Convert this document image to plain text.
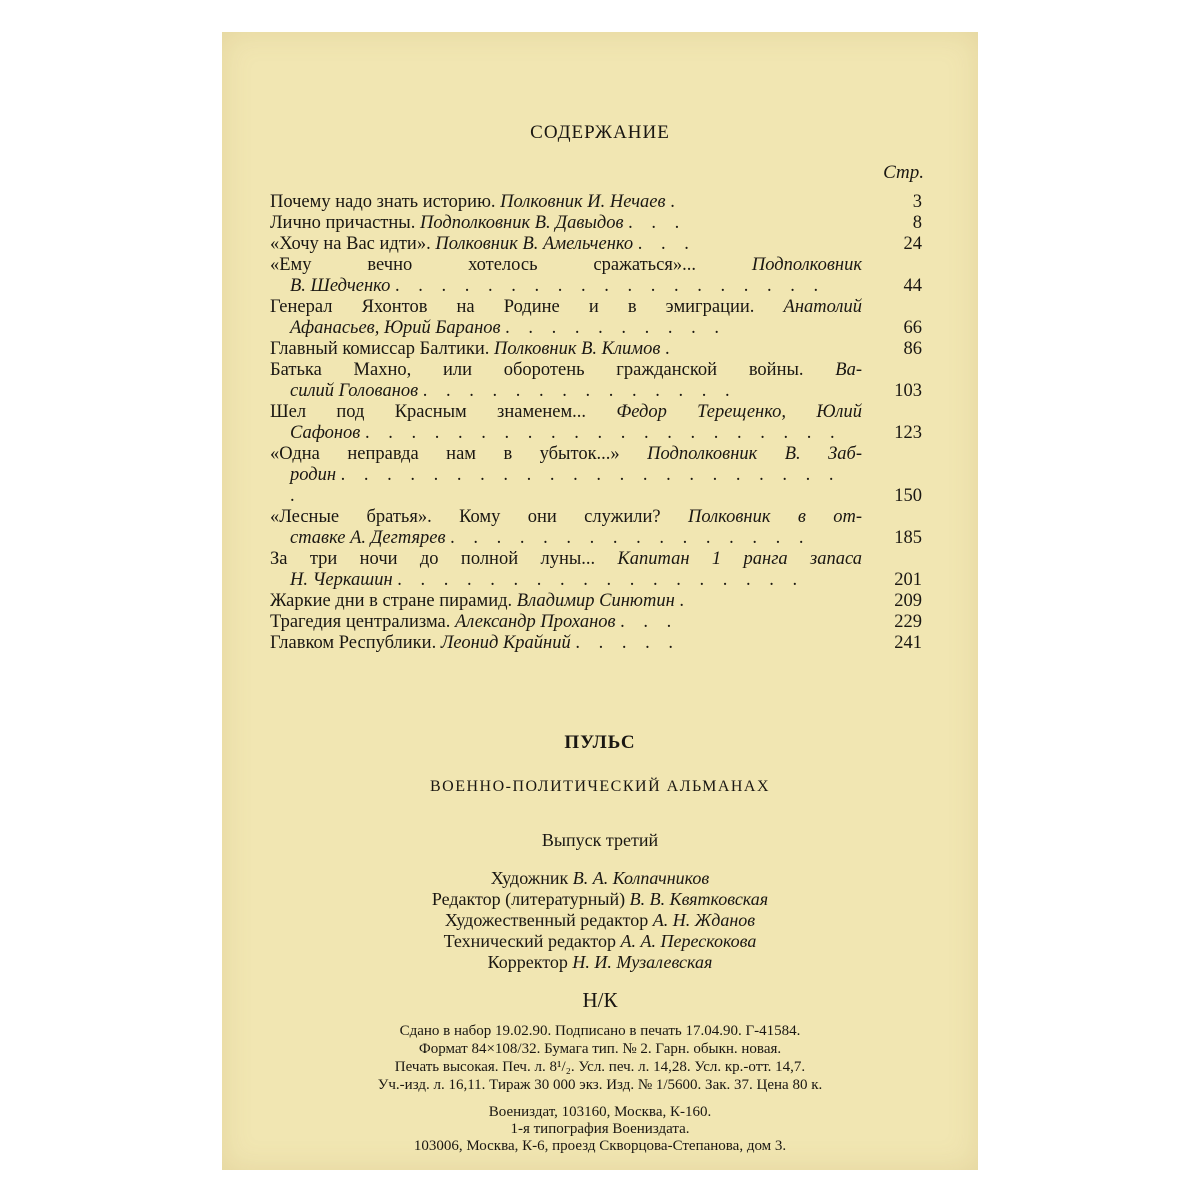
СОДЕРЖАНИЕ
Стр.
Почему надо знать историю. Полковник И. Нечаев .	3
Лично причастны. Подполковник В. Давыдов . . .	8
«Хочу на Вас идти». Полковник В. Амельченко . . .	24
«Ему вечно хотелось сражаться»...	Подполковник
В. Шедченко . . . . . . . . . . . . . . . . . . .	44
Генерал Яхонтов на Родине и в эмиграции. Анатолий
Афанасьев, Юрий Баранов . . . . . . . . . .	66
Главный комиссар Балтики. Полковник В. Климов .	86
Батька Махно, или оборотень гражданской войны. Ва-
силий Голованов . . . . . . . . . . . . . .	103
Шел под Красным знаменем... Федор Терещенко, Юлий
Сафонов . . . . . . . . . . . . . . . . . . . . .	123
«Одна неправда нам в убыток...» Подполковник В. Заб-
родин . . . . . . . . . . . . . . . . . . . . . . .	150
«Лесные братья». Кому они служили? Полковник в от-
ставке А. Дегтярев . . . . . . . . . . . . . . . .	185
За три ночи до полной луны... Капитан 1 ранга запаса
Н. Черкашин . . . . . . . . . . . . . . . . . .	201
Жаркие дни в стране пирамид. Владимир Синютин .	209
Трагедия централизма. Александр Проханов . . .	229
Главком Республики. Леонид Крайний . . . . .	241
ПУЛЬС
ВОЕННО-ПОЛИТИЧЕСКИЙ АЛЬМАНАХ
Выпуск третий
Художник В. А. Колпачников
Редактор (литературный) В. В. Квятковская
Художественный редактор А. Н. Жданов
Технический редактор А. А. Перескокова
Корректор Н. И. Музалевская
Н/К
Сдано в набор 19.02.90. Подписано в печать 17.04.90. Г-41584.
Формат 84×108/32. Бумага тип. № 2. Гарн. обыкн. новая.
Печать высокая. Печ. л. 8¹/₂. Усл. печ. л. 14,28. Усл. кр.-отт. 14,7.
Уч.-изд. л. 16,11. Тираж 30 000 экз. Изд. № 1/5600. Зак. 37. Цена 80 к.
Воениздат, 103160, Москва, К-160.
1-я типография Воениздата.
103006, Москва, К-6, проезд Скворцова-Степанова, дом 3.
